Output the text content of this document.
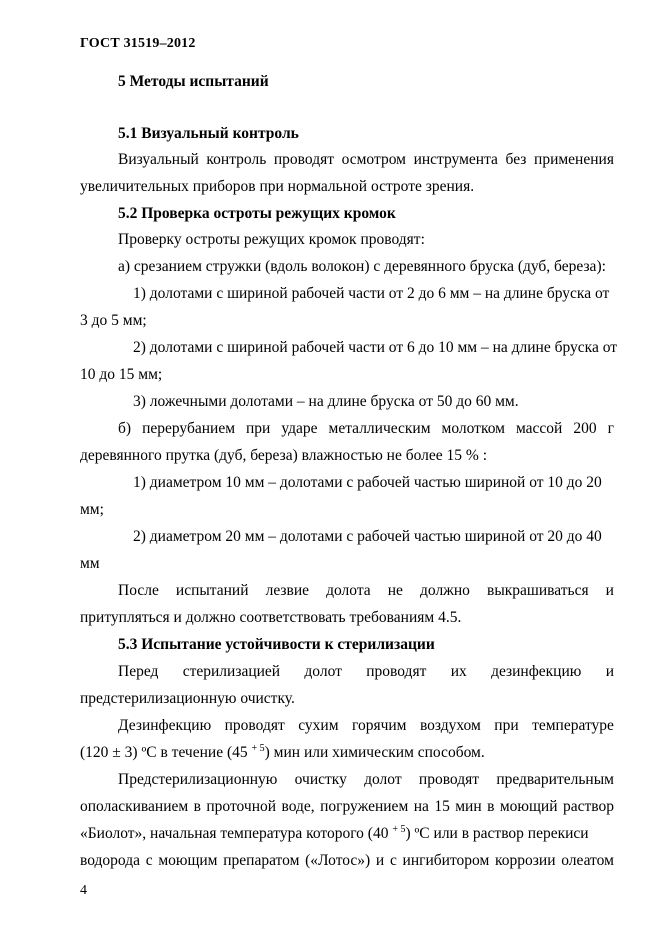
ГОСТ 31519–2012
5 Методы испытаний
5.1 Визуальный контроль
Визуальный контроль проводят осмотром инструмента без применения
увеличительных приборов при нормальной остроте зрения.
5.2 Проверка остроты режущих кромок
Проверку остроты режущих кромок проводят:
а) срезанием стружки (вдоль волокон) с деревянного бруска (дуб, береза):
1) долотами с шириной рабочей части от 2 до 6 мм – на длине бруска от
3 до 5 мм;
2) долотами с шириной рабочей части от 6 до 10 мм – на длине бруска от
10 до 15 мм;
3) ложечными долотами – на длине бруска от 50 до 60 мм.
б) перерубанием при ударе металлическим молотком массой 200 г
деревянного прутка (дуб, береза) влажностью не более 15 % :
1) диаметром 10 мм – долотами с рабочей частью шириной от 10 до 20
мм;
2) диаметром 20 мм – долотами с рабочей частью шириной от 20 до 40
мм
После испытаний лезвие долота не должно выкрашиваться и
притупляться и должно соответствовать требованиям 4.5.
5.3 Испытание устойчивости к стерилизации
Перед стерилизацией долот проводят их дезинфекцию и
предстерилизационную очистку.
Дезинфекцию проводят сухим горячим воздухом при температуре
(120 ± 3) ºС в течение (45 $^{+ 5}$) мин или химическим способом.
Предстерилизационную очистку долот проводят предварительным
ополаскиванием в проточной воде, погружением на 15 мин в моющий раствор
«Биолот», начальная температура которого (40 $^{+ 5}$) ºС или в раствор перекиси
водорода с моющим препаратом («Лотос») и с ингибитором коррозии олеатом
4
